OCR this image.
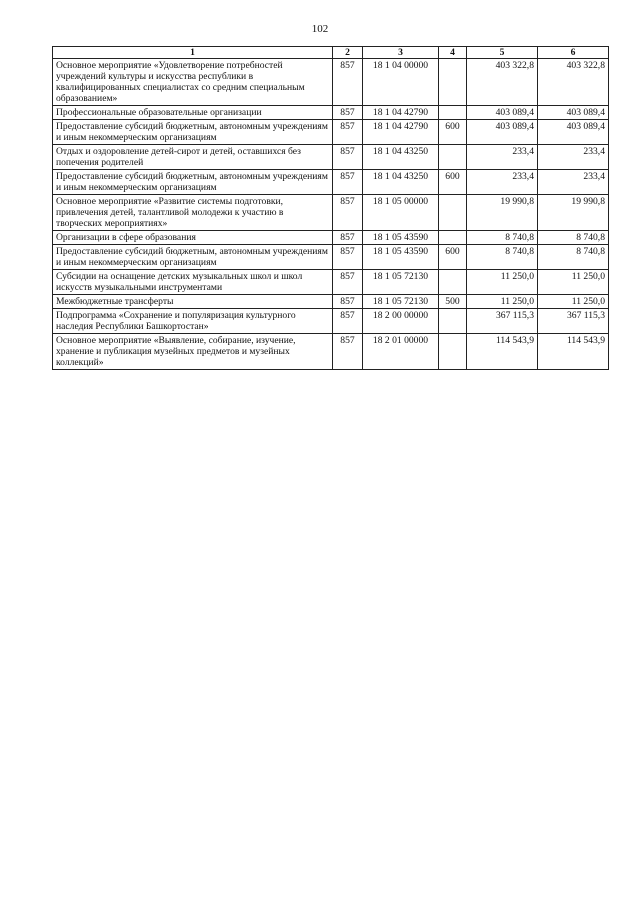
102
1	2	3	4	5	6
Основное мероприятие «Удовлетворение потребностей учреждений культуры и искусства республики в квалифицированных специалистах со средним специальным образованием»	857	18 1 04 00000		403 322,8	403 322,8
Профессиональные образовательные организации	857	18 1 04 42790		403 089,4	403 089,4
Предоставление субсидий бюджетным, автономным учреждениям и иным некоммерческим организациям	857	18 1 04 42790	600	403 089,4	403 089,4
Отдых и оздоровление детей-сирот и детей, оставшихся без попечения родителей	857	18 1 04 43250		233,4	233,4
Предоставление субсидий бюджетным, автономным учреждениям и иным некоммерческим организациям	857	18 1 04 43250	600	233,4	233,4
Основное мероприятие «Развитие системы подготовки, привлечения детей, талантливой молодежи к участию в творческих мероприятиях»	857	18 1 05 00000		19 990,8	19 990,8
Организации в сфере образования	857	18 1 05 43590		8 740,8	8 740,8
Предоставление субсидий бюджетным, автономным учреждениям и иным некоммерческим организациям	857	18 1 05 43590	600	8 740,8	8 740,8
Субсидии на оснащение детских музыкальных школ и школ искусств музыкальными инструментами	857	18 1 05 72130		11 250,0	11 250,0
Межбюджетные трансферты	857	18 1 05 72130	500	11 250,0	11 250,0
Подпрограмма «Сохранение и популяризация культурного наследия Республики Башкортостан»	857	18 2 00 00000		367 115,3	367 115,3
Основное мероприятие «Выявление, собирание, изучение, хранение и публикация музейных предметов и музейных коллекций»	857	18 2 01 00000		114 543,9	114 543,9
